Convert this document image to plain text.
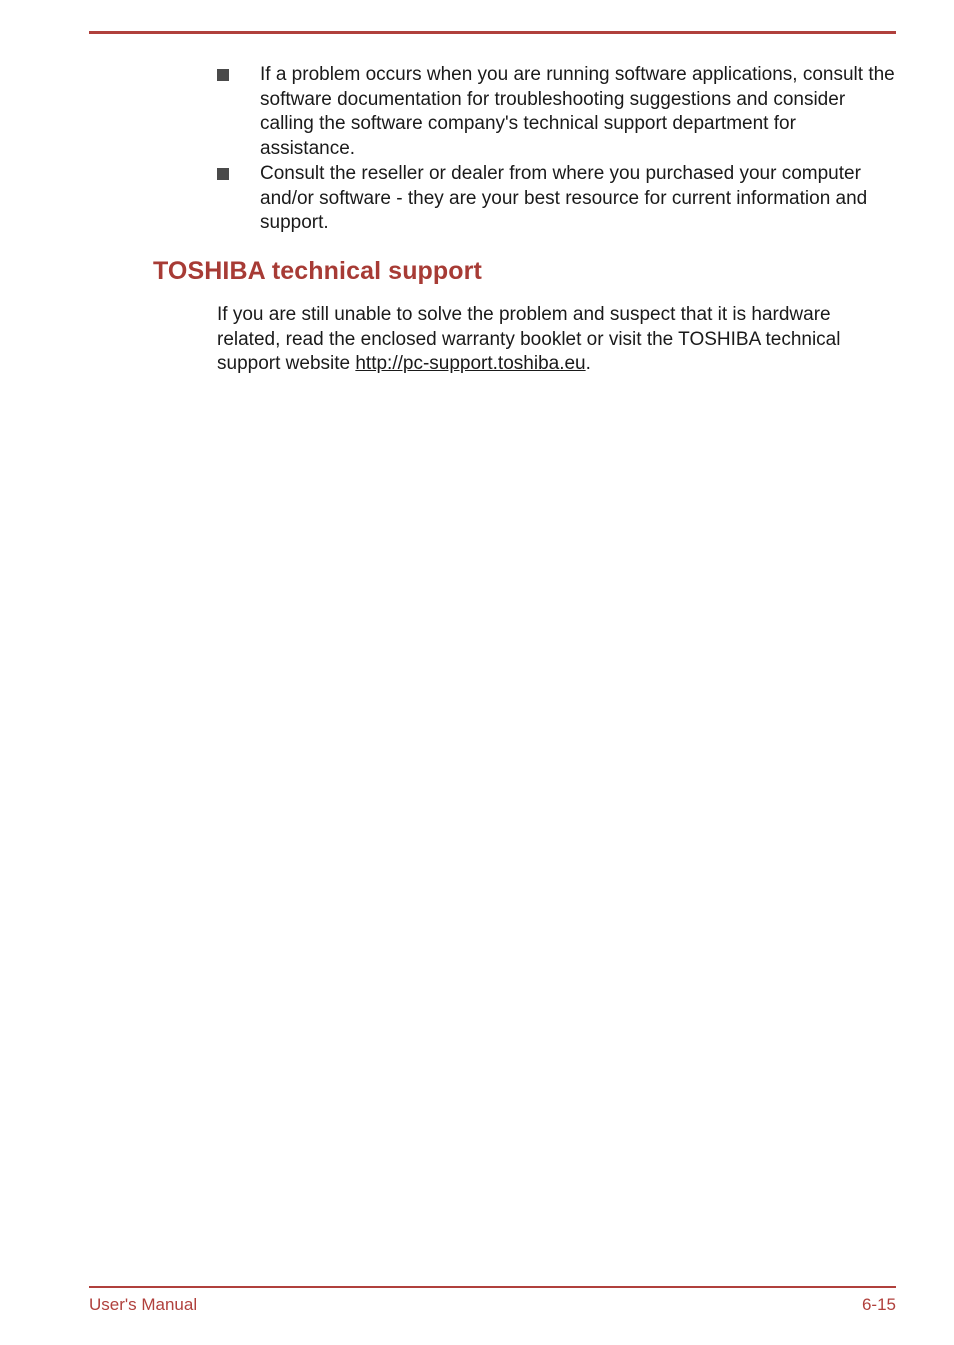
If a problem occurs when you are running software applications, consult the software documentation for troubleshooting suggestions and consider calling the software company's technical support department for assistance.
Consult the reseller or dealer from where you purchased your computer and/or software - they are your best resource for current information and support.
TOSHIBA technical support

If you are still unable to solve the problem and suspect that it is hardware related, read the enclosed warranty booklet or visit the TOSHIBA technical support website http://pc-support.toshiba.eu.

User's Manual	6-15
